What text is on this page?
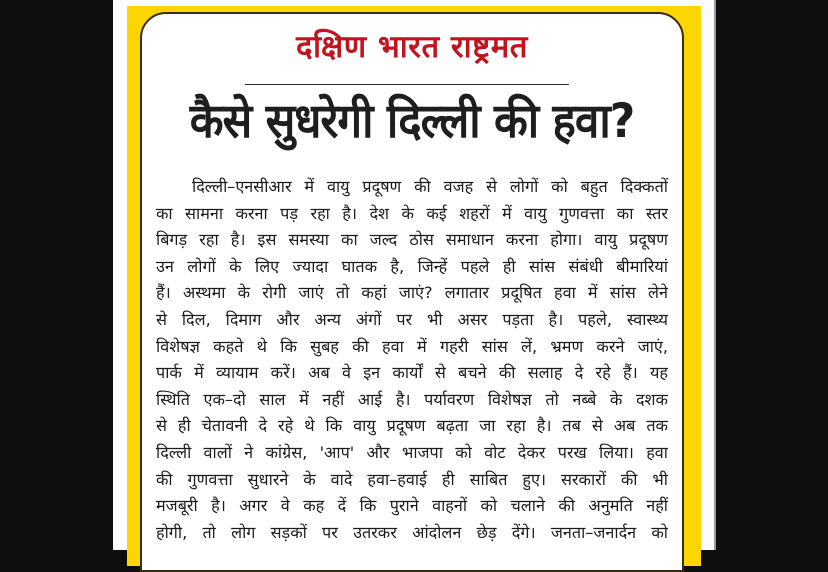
दक्षिण भारत राष्ट्रमत
कैसे सुधरेगी दिल्ली की हवा?
दिल्ली–एनसीआर में वायु प्रदूषण की वजह से लोगों को बहुत दिक्कतों
का सामना करना पड़ रहा है। देश के कई शहरों में वायु गुणवत्ता का स्तर
बिगड़ रहा है। इस समस्या का जल्द ठोस समाधान करना होगा। वायु प्रदूषण
उन लोगों के लिए ज्यादा घातक है, जिन्हें पहले ही सांस संबंधी बीमारियां
हैं। अस्थमा के रोगी जाएं तो कहां जाएं? लगातार प्रदूषित हवा में सांस लेने
से दिल, दिमाग और अन्य अंगों पर भी असर पड़ता है। पहले, स्वास्थ्य
विशेषज्ञ कहते थे कि सुबह की हवा में गहरी सांस लें, भ्रमण करने जाएं,
पार्क में व्यायाम करें। अब वे इन कार्यों से बचने की सलाह दे रहे हैं। यह
स्थिति एक–दो साल में नहीं आई है। पर्यावरण विशेषज्ञ तो नब्बे के दशक
से ही चेतावनी दे रहे थे कि वायु प्रदूषण बढ़ता जा रहा है। तब से अब तक
दिल्ली वालों ने कांग्रेस, 'आप' और भाजपा को वोट देकर परख लिया। हवा
की गुणवत्ता सुधारने के वादे हवा–हवाई ही साबित हुए। सरकारों की भी
मजबूरी है। अगर वे कह दें कि पुराने वाहनों को चलाने की अनुमति नहीं
होगी, तो लोग सड़कों पर उतरकर आंदोलन छेड़ देंगे। जनता–जनार्दन को
